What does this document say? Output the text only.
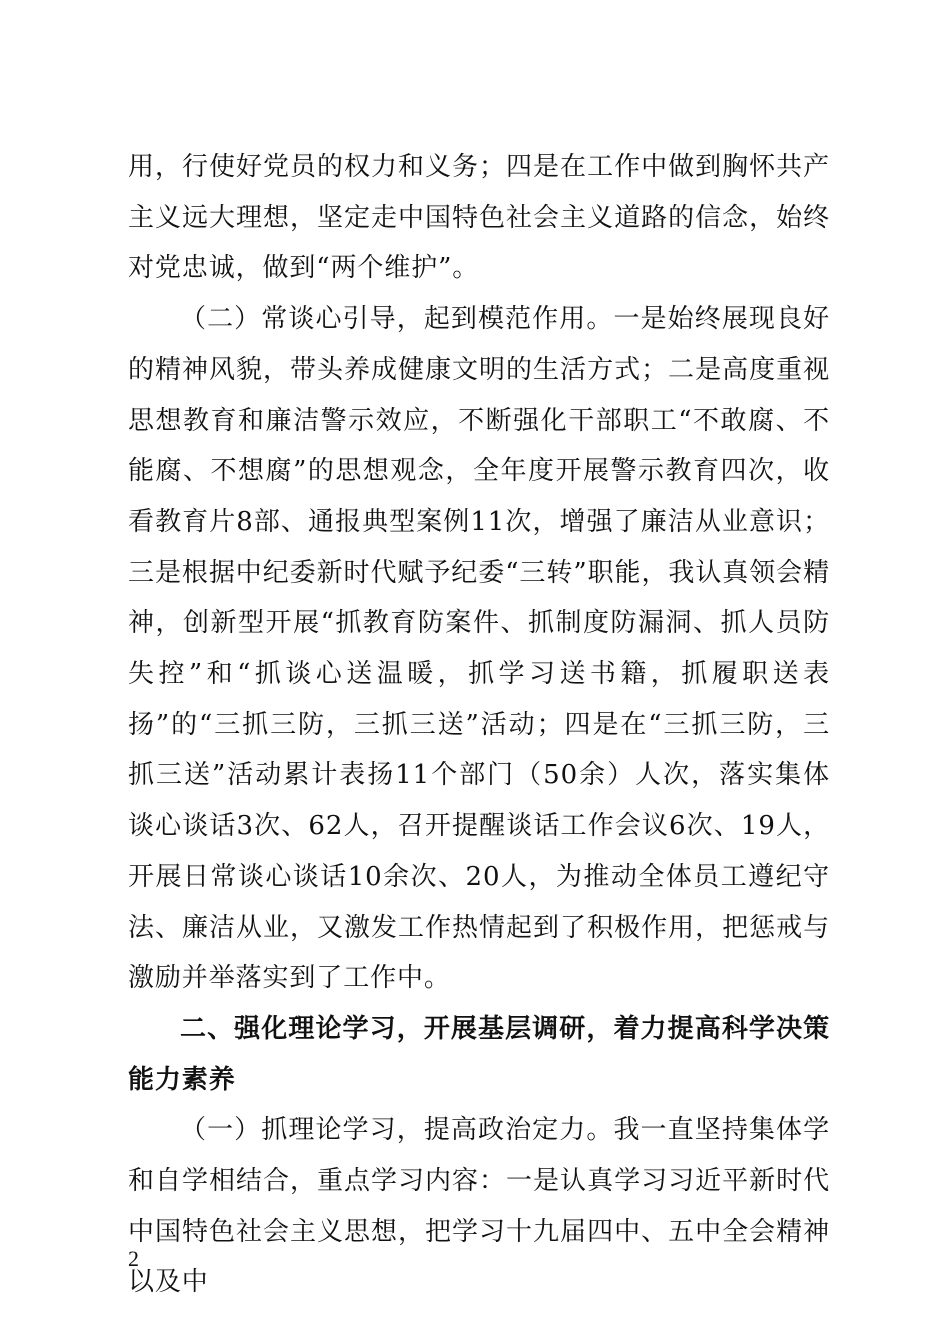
用，行使好党员的权力和义务；四是在工作中做到胸怀共产主义远大理想，坚定走中国特色社会主义道路的信念，始终对党忠诚，做到“两个维护”。

（二）常谈心引导，起到模范作用。一是始终展现良好的精神风貌，带头养成健康文明的生活方式；二是高度重视思想教育和廉洁警示效应，不断强化干部职工“不敢腐、不能腐、不想腐”的思想观念，全年度开展警示教育四次，收看教育片8部、通报典型案例11次，增强了廉洁从业意识；三是根据中纪委新时代赋予纪委“三转”职能，我认真领会精神，创新型开展“抓教育防案件、抓制度防漏洞、抓人员防失控”和“抓谈心送温暖，抓学习送书籍，抓履职送表扬”的“三抓三防，三抓三送”活动；四是在“三抓三防，三抓三送”活动累计表扬11个部门（50余）人次，落实集体谈心谈话3次、62人，召开提醒谈话工作会议6次、19人，开展日常谈心谈话10余次、20人，为推动全体员工遵纪守法、廉洁从业，又激发工作热情起到了积极作用，把惩戒与激励并举落实到了工作中。

二、强化理论学习，开展基层调研，着力提高科学决策能力素养

（一）抓理论学习，提高政治定力。我一直坚持集体学和自学相结合，重点学习内容：一是认真学习习近平新时代中国特色社会主义思想，把学习十九届四中、五中全会精神以及中

2
